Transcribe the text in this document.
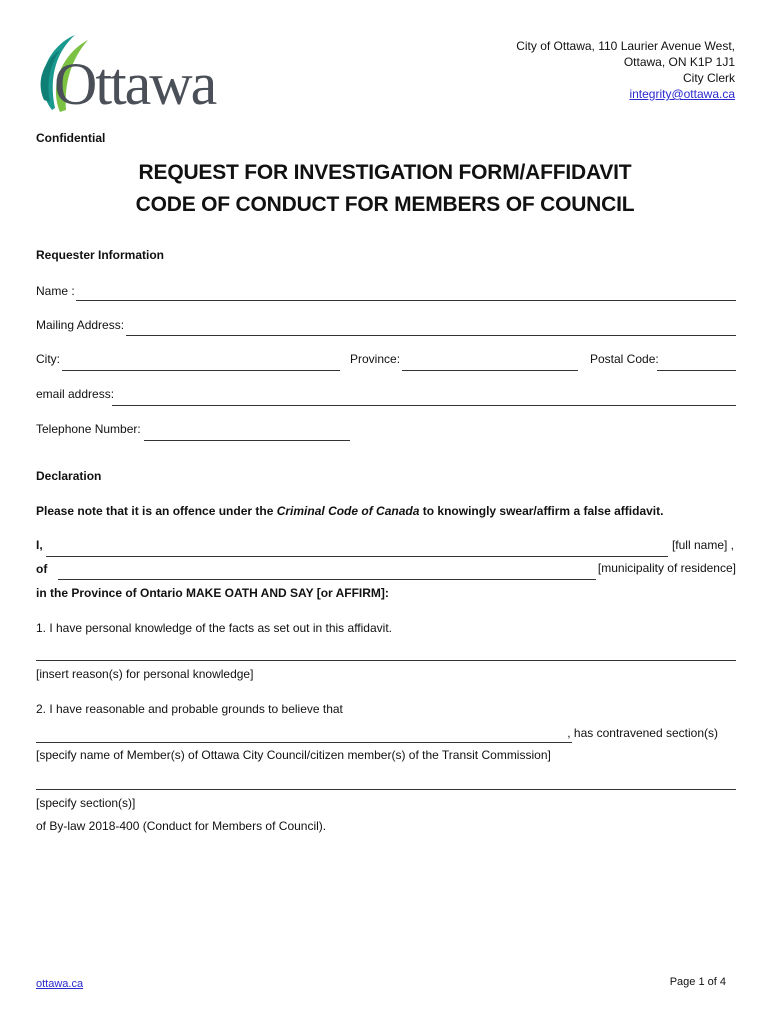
Ottawa
City of Ottawa, 110 Laurier Avenue West,
Ottawa, ON K1P 1J1
City Clerk
integrity@ottawa.ca
Confidential
REQUEST FOR INVESTIGATION FORM/AFFIDAVIT
CODE OF CONDUCT FOR MEMBERS OF COUNCIL
Requester Information
Name :
Mailing Address:
City:	Province:	Postal Code:
email address:
Telephone Number:
Declaration
Please note that it is an offence under the Criminal Code of Canada to knowingly swear/affirm a false affidavit.
I,	[full name] ,
of	[municipality of residence]
in the Province of Ontario MAKE OATH AND SAY [or AFFIRM]:
1. I have personal knowledge of the facts as set out in this affidavit.
[insert reason(s) for personal knowledge]
2. I have reasonable and probable grounds to believe that
, has contravened section(s)
[specify name of Member(s) of Ottawa City Council/citizen member(s) of the Transit Commission]
[specify section(s)]
of By-law 2018-400 (Conduct for Members of Council).
ottawa.ca	Page 1 of 4
